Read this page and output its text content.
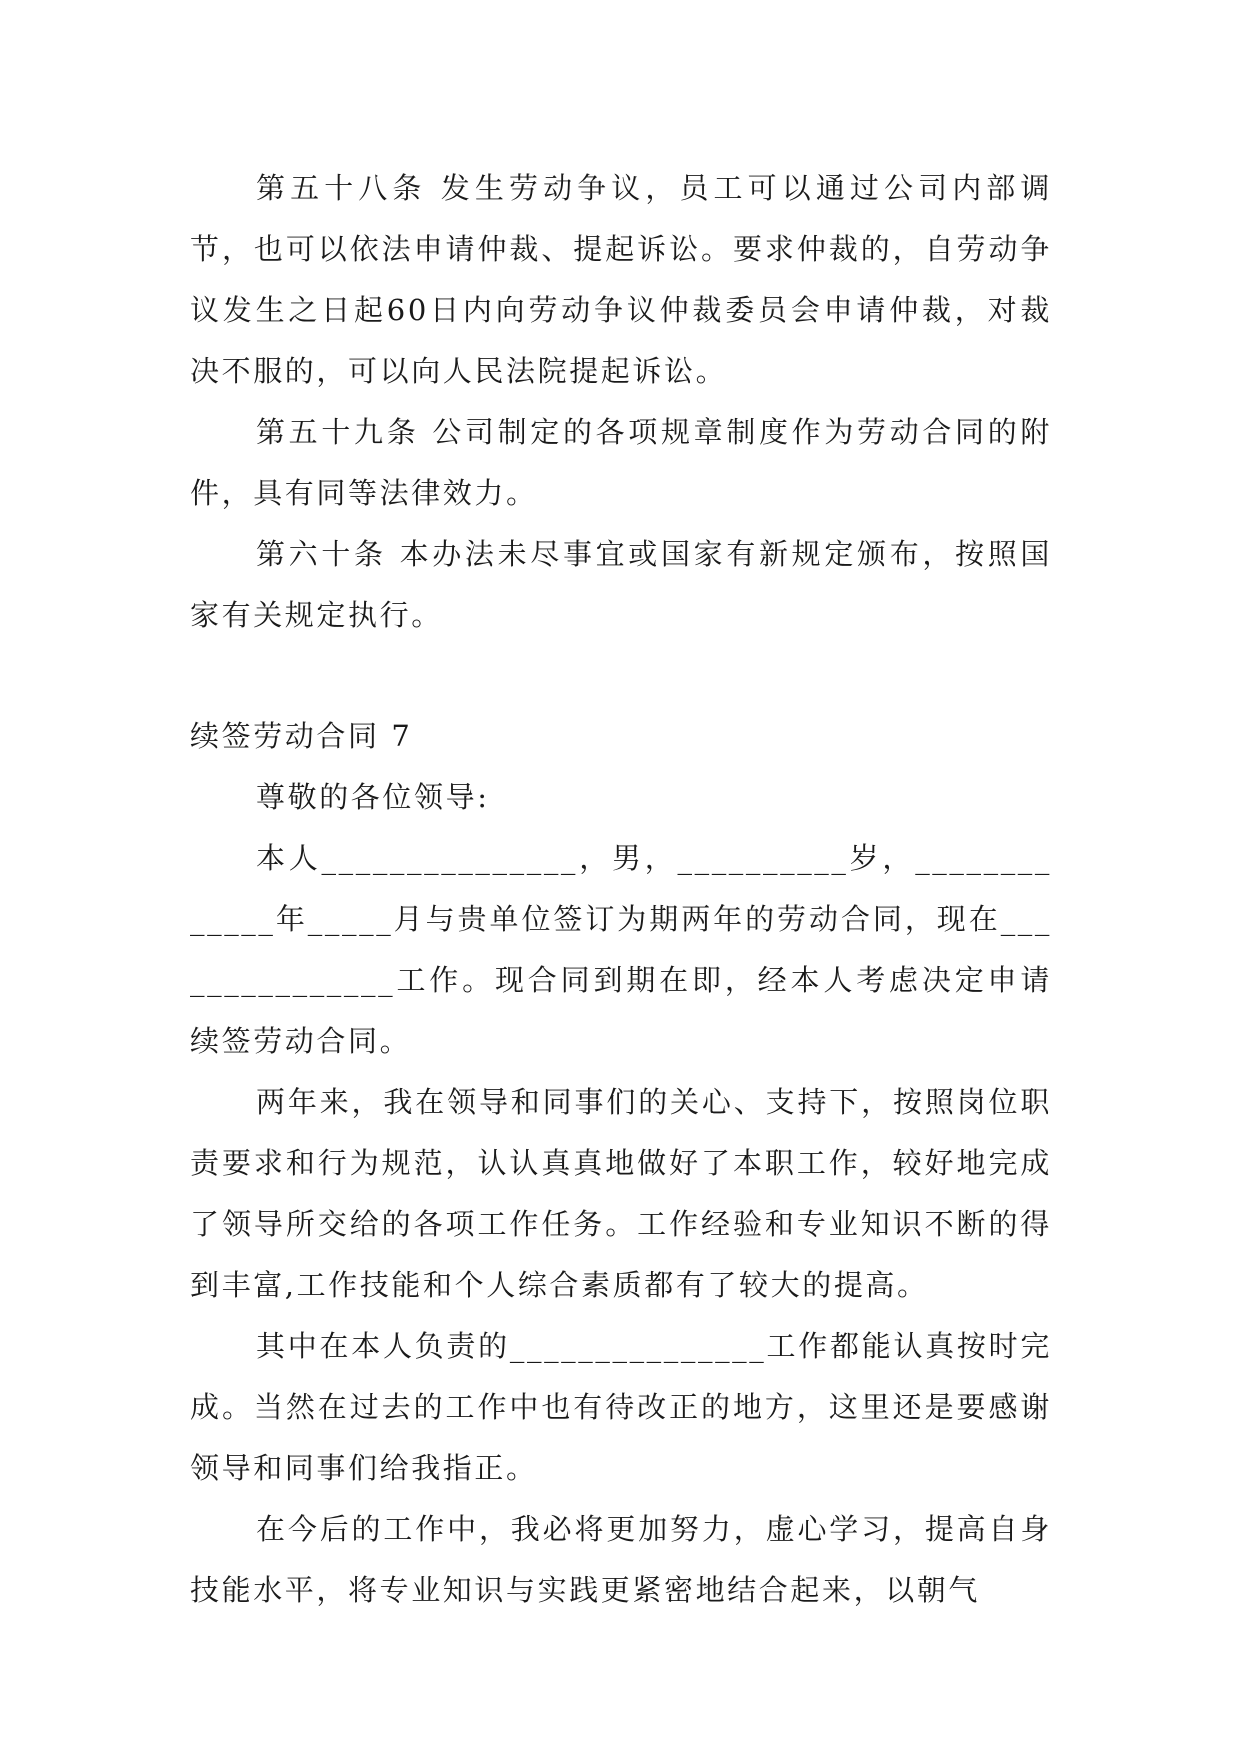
第五十八条 发生劳动争议，员工可以通过公司内部调节，也可以依法申请仲裁、提起诉讼。要求仲裁的，自劳动争议发生之日起60日内向劳动争议仲裁委员会申请仲裁，对裁决不服的，可以向人民法院提起诉讼。

第五十九条 公司制定的各项规章制度作为劳动合同的附件，具有同等法律效力。

第六十条 本办法未尽事宜或国家有新规定颁布，按照国家有关规定执行。

续签劳动合同 7

尊敬的各位领导:

本人_______________，男，__________岁，_____________年_____月与贵单位签订为期两年的劳动合同，现在_______________工作。现合同到期在即，经本人考虑决定申请续签劳动合同。

两年来，我在领导和同事们的关心、支持下，按照岗位职责要求和行为规范，认认真真地做好了本职工作，较好地完成了领导所交给的各项工作任务。工作经验和专业知识不断的得到丰富,工作技能和个人综合素质都有了较大的提高。

其中在本人负责的_______________工作都能认真按时完成。当然在过去的工作中也有待改正的地方，这里还是要感谢领导和同事们给我指正。

在今后的工作中，我必将更加努力，虚心学习，提高自身技能水平，将专业知识与实践更紧密地结合起来，以朝气
